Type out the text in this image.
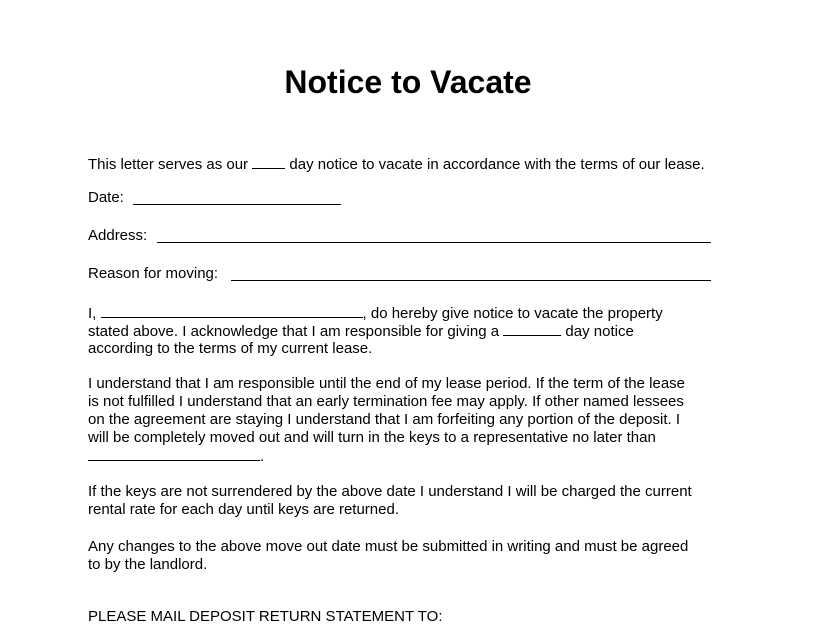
Notice to Vacate

This letter serves as our  day notice to vacate in accordance with the terms of our lease.

Date:

Address:

Reason for moving:

I,	, do hereby give notice to vacate the property

stated above. I acknowledge that I am responsible for giving a	day notice

according to the terms of my current lease.

I understand that I am responsible until the end of my lease period. If the term of the lease

is not fulfilled I understand that an early termination fee may apply. If other named lessees

on the agreement are staying I understand that I am forfeiting any portion of the deposit. I

will be completely moved out and will turn in the keys to a representative no later than

.

If the keys are not surrendered by the above date I understand I will be charged the current

rental rate for each day until keys are returned.

Any changes to the above move out date must be submitted in writing and must be agreed

to by the landlord.

PLEASE MAIL DEPOSIT RETURN STATEMENT TO:
